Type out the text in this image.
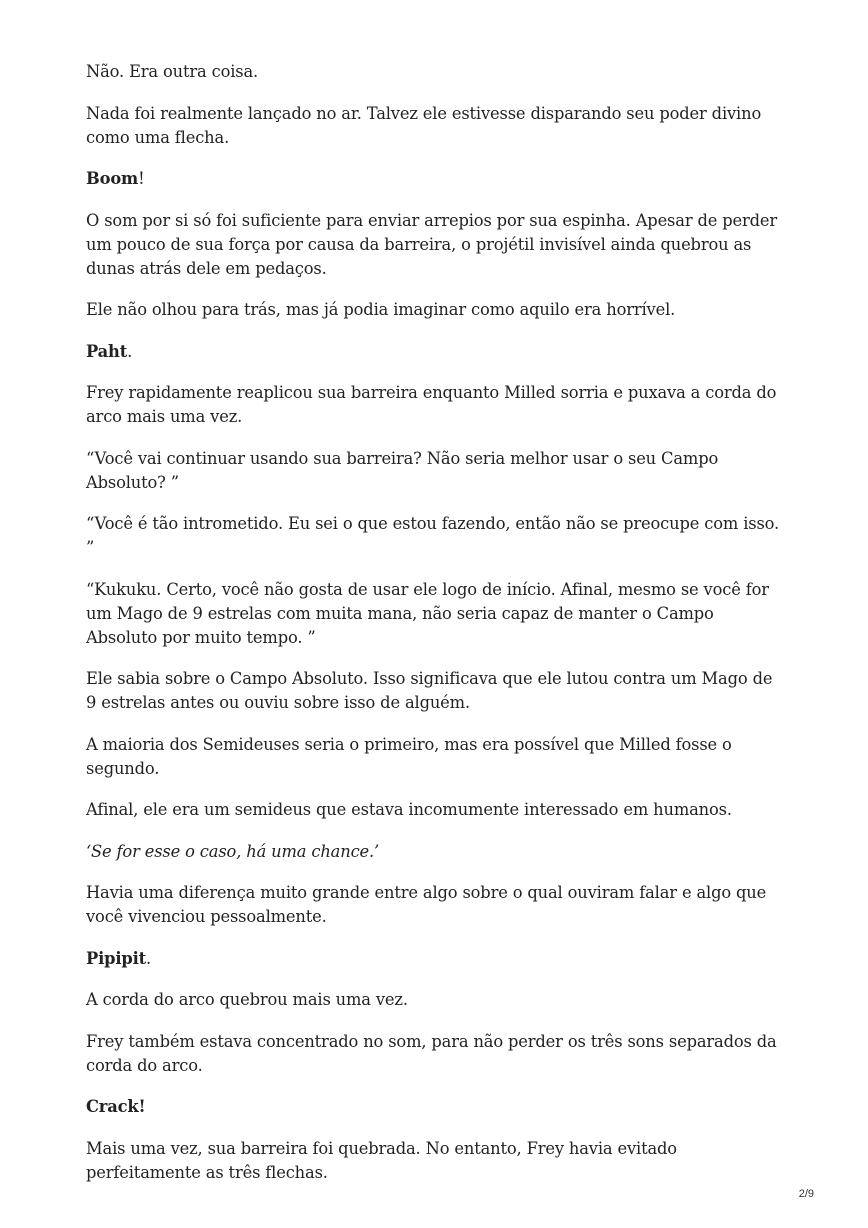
Não. Era outra coisa.

Nada foi realmente lançado no ar. Talvez ele estivesse disparando seu poder divino como uma flecha.

Boom!

O som por si só foi suficiente para enviar arrepios por sua espinha. Apesar de perder um pouco de sua força por causa da barreira, o projétil invisível ainda quebrou as dunas atrás dele em pedaços.

Ele não olhou para trás, mas já podia imaginar como aquilo era horrível.

Paht.

Frey rapidamente reaplicou sua barreira enquanto Milled sorria e puxava a corda do arco mais uma vez.

“Você vai continuar usando sua barreira? Não seria melhor usar o seu Campo Absoluto? ”

“Você é tão intrometido. Eu sei o que estou fazendo, então não se preocupe com isso. ”

“Kukuku. Certo, você não gosta de usar ele logo de início. Afinal, mesmo se você for um Mago de 9 estrelas com muita mana, não seria capaz de manter o Campo Absoluto por muito tempo. ”

Ele sabia sobre o Campo Absoluto. Isso significava que ele lutou contra um Mago de 9 estrelas antes ou ouviu sobre isso de alguém.

A maioria dos Semideuses seria o primeiro, mas era possível que Milled fosse o segundo.

Afinal, ele era um semideus que estava incomumente interessado em humanos.

‘Se for esse o caso, há uma chance.’

Havia uma diferença muito grande entre algo sobre o qual ouviram falar e algo que você vivenciou pessoalmente.

Pipipit.

A corda do arco quebrou mais uma vez.

Frey também estava concentrado no som, para não perder os três sons separados da corda do arco.

Crack!

Mais uma vez, sua barreira foi quebrada. No entanto, Frey havia evitado perfeitamente as três flechas.

2/9
